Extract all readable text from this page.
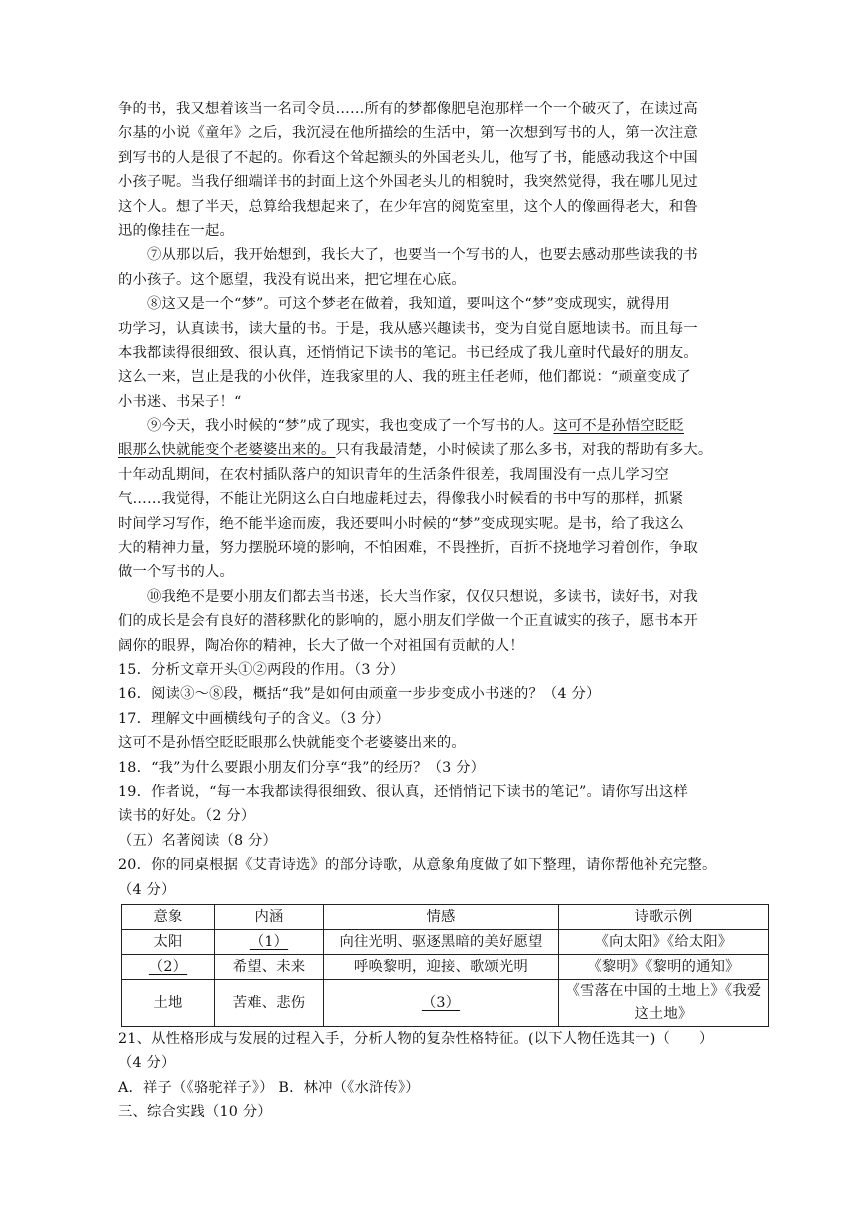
争的书，我又想着该当一名司令员……所有的梦都像肥皂泡那样一个一个破灭了，在读过高
尔基的小说《童年》之后，我沉浸在他所描绘的生活中，第一次想到写书的人，第一次注意
到写书的人是很了不起的。你看这个耸起额头的外国老头儿，他写了书，能感动我这个中国
小孩子呢。当我仔细端详书的封面上这个外国老头儿的相貌时，我突然觉得，我在哪儿见过
这个人。想了半天，总算给我想起来了，在少年宫的阅览室里，这个人的像画得老大，和鲁
迅的像挂在一起。
⑦从那以后，我开始想到，我长大了，也要当一个写书的人，也要去感动那些读我的书
的小孩子。这个愿望，我没有说出来，把它埋在心底。
⑧这又是一个“梦”。可这个梦老在做着，我知道，要叫这个“梦”变成现实，就得用
功学习，认真读书，读大量的书。于是，我从感兴趣读书，变为自觉自愿地读书。而且每一
本我都读得很细致、很认真，还悄悄记下读书的笔记。书已经成了我儿童时代最好的朋友。
这么一来，岂止是我的小伙伴，连我家里的人、我的班主任老师，他们都说：“顽童变成了
小书迷、书呆子！“
⑨今天，我小时候的“梦”成了现实，我也变成了一个写书的人。这可不是孙悟空眨眨
眼那么快就能变个老婆婆出来的。只有我最清楚，小时候读了那么多书，对我的帮助有多大。
十年动乱期间，在农村插队落户的知识青年的生活条件很差，我周围没有一点儿学习空
气……我觉得，不能让光阴这么白白地虚耗过去，得像我小时候看的书中写的那样，抓紧
时间学习写作，绝不能半途而废，我还要叫小时候的“梦”变成现实呢。是书，给了我这么
大的精神力量，努力摆脱环境的影响，不怕困难，不畏挫折，百折不挠地学习着创作，争取
做一个写书的人。
⑩我绝不是要小朋友们都去当书迷，长大当作家，仅仅只想说，多读书，读好书，对我
们的成长是会有良好的潜移默化的影响的，愿小朋友们学做一个正直诚实的孩子，愿书本开
阔你的眼界，陶冶你的精神，长大了做一个对祖国有贡献的人！
15．分析文章开头①②两段的作用。（3 分）
16．阅读③～⑧段，概括“我”是如何由顽童一步步变成小书迷的？（4 分）
17．理解文中画横线句子的含义。（3 分）
这可不是孙悟空眨眨眼那么快就能变个老婆婆出来的。
18．“我”为什么要跟小朋友们分享“我”的经历？（3 分）
19．作者说，“每一本我都读得很细致、很认真，还悄悄记下读书的笔记”。请你写出这样
读书的好处。（2 分）
（五）名著阅读（8 分）
20．你的同桌根据《艾青诗选》的部分诗歌，从意象角度做了如下整理，请你帮他补充完整。
（4 分）
意象	内涵	情感	诗歌示例
太阳	（1）	向往光明、驱逐黑暗的美好愿望	《向太阳》《给太阳》
（2）	希望、未来	呼唤黎明，迎接、歌颂光明	《黎明》《黎明的通知》
土地	苦难、悲伤	（3）	《雪落在中国的土地上》《我爱这土地》
21、从性格形成与发展的过程入手，分析人物的复杂性格特征。(以下人物任选其一)（　　）
（4 分）
A．祥子（《骆驼祥子》） B．林冲（《水浒传》）
三、综合实践（10 分）
